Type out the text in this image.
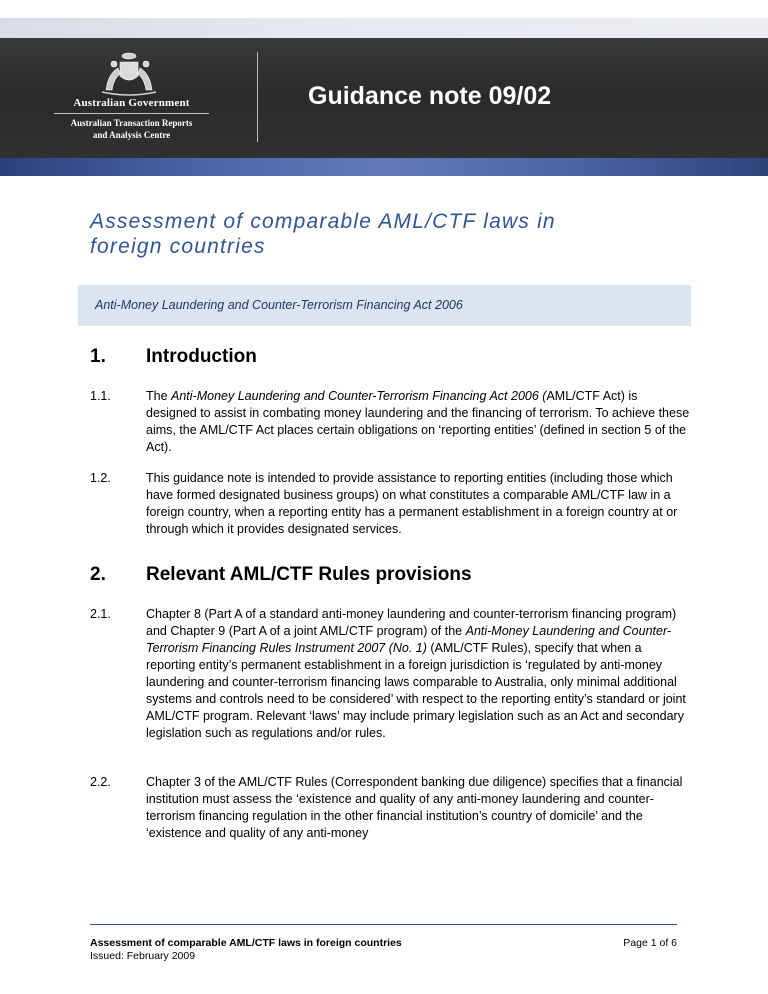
Australian Government
Australian Transaction Reports
and Analysis Centre
Guidance note 09/02
Assessment of comparable AML/CTF laws in
foreign countries
Anti-Money Laundering and Counter-Terrorism Financing Act 2006
1. Introduction
1.1.	The Anti-Money Laundering and Counter-Terrorism Financing Act 2006 (AML/CTF Act) is designed to assist in combating money laundering and the financing of terrorism. To achieve these aims, the AML/CTF Act places certain obligations on ‘reporting entities’ (defined in section 5 of the Act).
1.2.	This guidance note is intended to provide assistance to reporting entities (including those which have formed designated business groups) on what constitutes a comparable AML/CTF law in a foreign country, when a reporting entity has a permanent establishment in a foreign country at or through which it provides designated services.
2. Relevant AML/CTF Rules provisions
2.1.	Chapter 8 (Part A of a standard anti-money laundering and counter-terrorism financing program) and Chapter 9 (Part A of a joint AML/CTF program) of the Anti-Money Laundering and Counter-Terrorism Financing Rules Instrument 2007 (No. 1) (AML/CTF Rules), specify that when a reporting entity’s permanent establishment in a foreign jurisdiction is ‘regulated by anti-money laundering and counter-terrorism financing laws comparable to Australia, only minimal additional systems and controls need to be considered’ with respect to the reporting entity’s standard or joint AML/CTF program. Relevant ‘laws’ may include primary legislation such as an Act and secondary legislation such as regulations and/or rules.
2.2.	Chapter 3 of the AML/CTF Rules (Correspondent banking due diligence) specifies that a financial institution must assess the ‘existence and quality of any anti-money laundering and counter-terrorism financing regulation in the other financial institution’s country of domicile’ and the ‘existence and quality of any anti-money
Assessment of comparable AML/CTF laws in foreign countries
Issued: February 2009
Page 1 of 6
